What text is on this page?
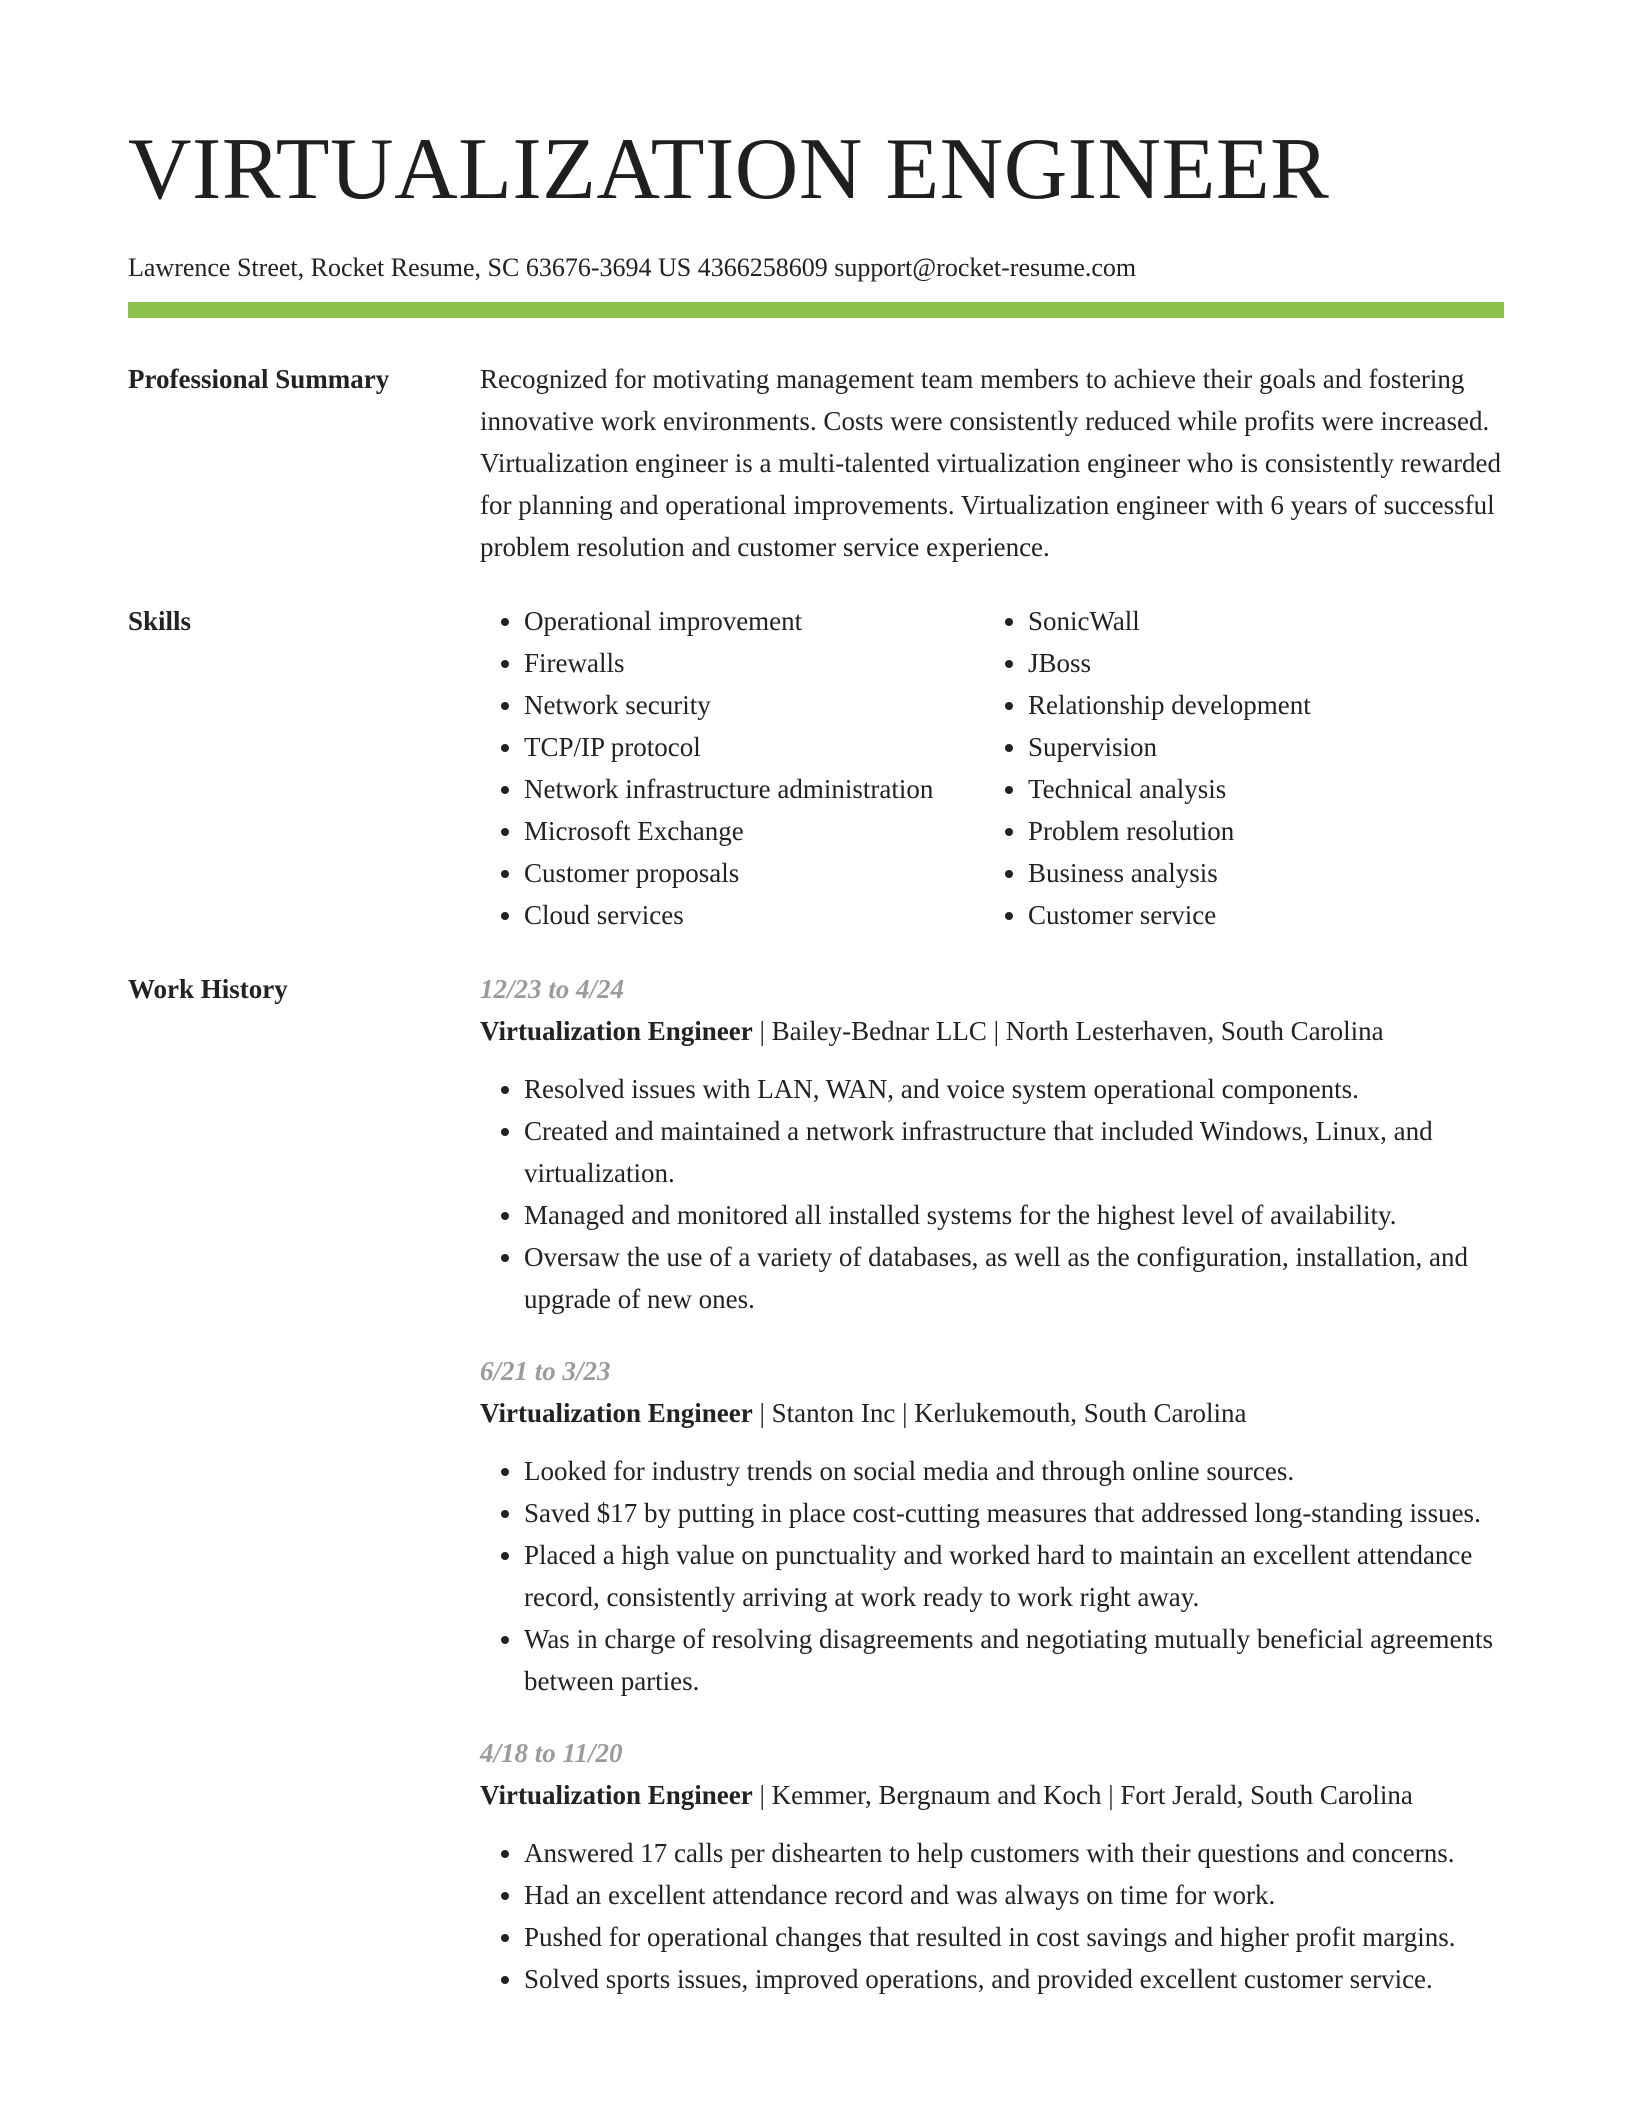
VIRTUALIZATION ENGINEER
Lawrence Street, Rocket Resume, SC 63676-3694 US 4366258609 support@rocket-resume.com
Professional Summary	Recognized for motivating management team members to achieve their goals and fostering innovative work environments. Costs were consistently reduced while profits were increased. Virtualization engineer is a multi-talented virtualization engineer who is consistently rewarded for planning and operational improvements. Virtualization engineer with 6 years of successful problem resolution and customer service experience.

Skills
•	Operational improvement
• Firewalls
• Network security
• TCP/IP protocol
• Network infrastructure administration
• Microsoft Exchange
• Customer proposals
• Cloud services
• SonicWall
• JBoss
• Relationship development
• Supervision
• Technical analysis
• Problem resolution
• Business analysis
• Customer service
Work History	12/23 to 4/24
Virtualization Engineer | Bailey-Bednar LLC | North Lesterhaven, South Carolina
• Resolved issues with LAN, WAN, and voice system operational components.
• Created and maintained a network infrastructure that included Windows, Linux, and virtualization.
• Managed and monitored all installed systems for the highest level of availability.
• Oversaw the use of a variety of databases, as well as the configuration, installation, and upgrade of new ones.
6/21 to 3/23
Virtualization Engineer | Stanton Inc | Kerlukemouth, South Carolina
• Looked for industry trends on social media and through online sources.
• Saved $17 by putting in place cost-cutting measures that addressed long-standing issues.
• Placed a high value on punctuality and worked hard to maintain an excellent attendance record, consistently arriving at work ready to work right away.
• Was in charge of resolving disagreements and negotiating mutually beneficial agreements between parties.
4/18 to 11/20
Virtualization Engineer | Kemmer, Bergnaum and Koch | Fort Jerald, South Carolina
• Answered 17 calls per dishearten to help customers with their questions and concerns.
• Had an excellent attendance record and was always on time for work.
• Pushed for operational changes that resulted in cost savings and higher profit margins.
• Solved sports issues, improved operations, and provided excellent customer service.
